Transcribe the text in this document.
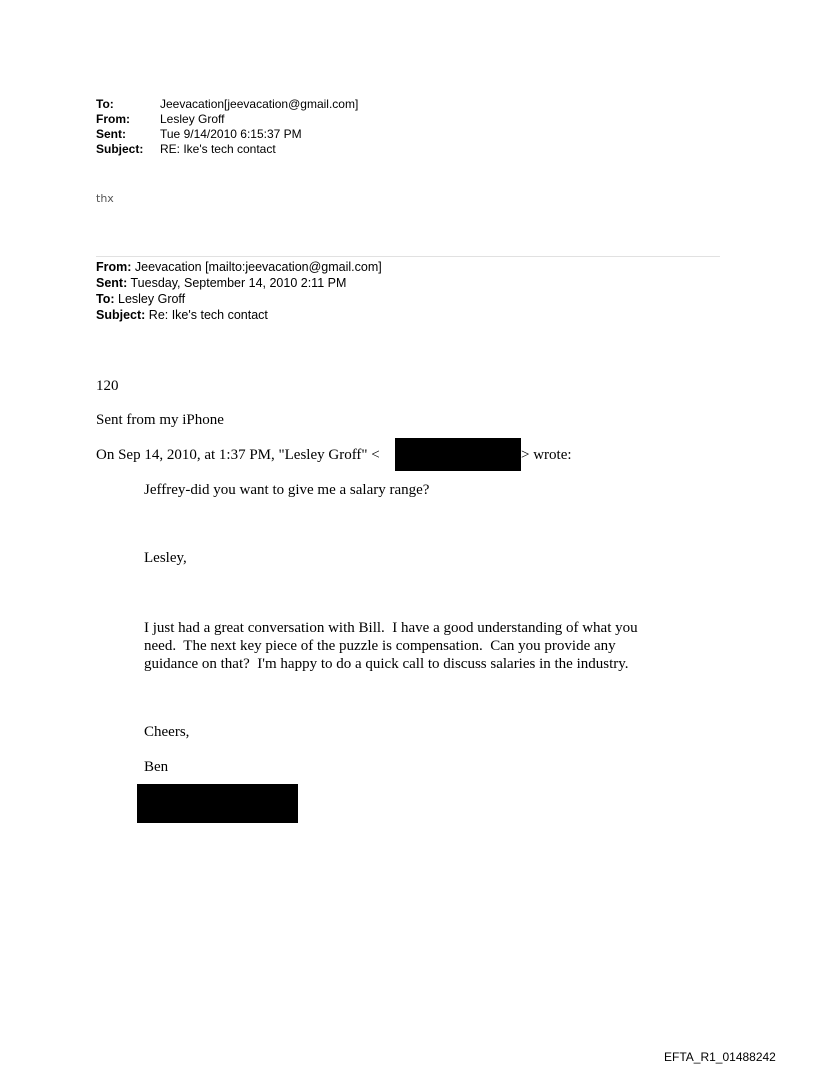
To:	Jeevacation[jeevacation@gmail.com]
From:	Lesley Groff
Sent:	Tue 9/14/2010 6:15:37 PM
Subject: RE: Ike's tech contact
thx
From: Jeevacation [mailto:jeevacation@gmail.com]
Sent: Tuesday, September 14, 2010 2:11 PM
To: Lesley Groff
Subject: Re: Ike's tech contact
120
Sent from my iPhone
On Sep 14, 2010, at 1:37 PM, "Lesley Groff" <	> wrote:
Jeffrey-did you want to give me a salary range?
Lesley,
I just had a great conversation with Bill.  I have a good understanding of what you
need.  The next key piece of the puzzle is compensation.  Can you provide any
guidance on that?  I'm happy to do a quick call to discuss salaries in the industry.
Cheers,
Ben
EFTA_R1_01488242
